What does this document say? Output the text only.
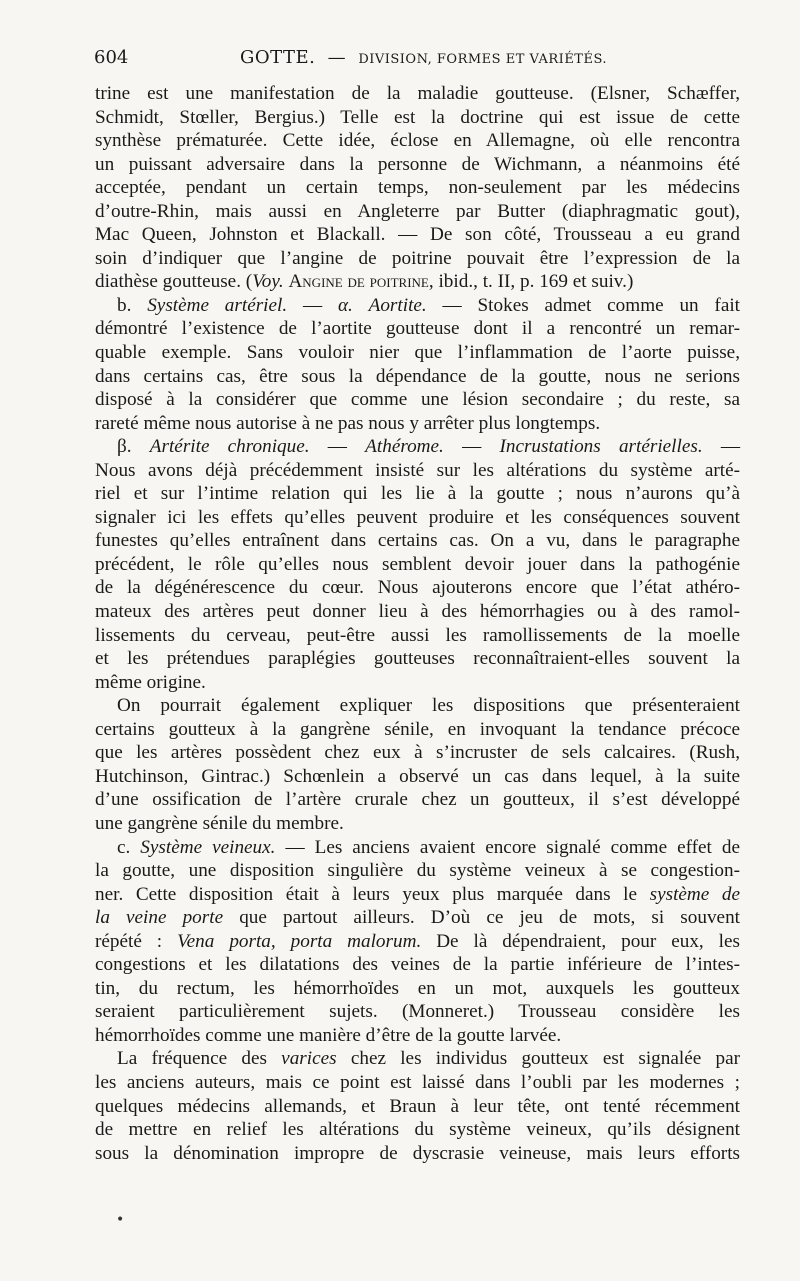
604	GOTTE. — DIVISION, FORMES ET VARIÉTÉS.
trine est une manifestation de la maladie goutteuse. (Elsner, Schæffer,
Schmidt, Stœller, Bergius.) Telle est la doctrine qui est issue de cette
synthèse prématurée. Cette idée, éclose en Allemagne, où elle rencontra
un puissant adversaire dans la personne de Wichmann, a néanmoins été
acceptée, pendant un certain temps, non-seulement par les médecins
d’outre-Rhin, mais aussi en Angleterre par Butter (diaphragmatic gout),
Mac Queen, Johnston et Blackall. — De son côté, Trousseau a eu grand
soin d’indiquer que l’angine de poitrine pouvait être l’expression de la
diathèse goutteuse. (Voy. Angine de poitrine, ibid., t. II, p. 169 et suiv.)
b. Système artériel. — α. Aortite. — Stokes admet comme un fait
démontré l’existence de l’aortite goutteuse dont il a rencontré un remar-
quable exemple. Sans vouloir nier que l’inflammation de l’aorte puisse,
dans certains cas, être sous la dépendance de la goutte, nous ne serions
disposé à la considérer que comme une lésion secondaire ; du reste, sa
rareté même nous autorise à ne pas nous y arrêter plus longtemps.
β. Artérite chronique. — Athérome. — Incrustations artérielles. —
Nous avons déjà précédemment insisté sur les altérations du système arté-
riel et sur l’intime relation qui les lie à la goutte ; nous n’aurons qu’à
signaler ici les effets qu’elles peuvent produire et les conséquences souvent
funestes qu’elles entraînent dans certains cas. On a vu, dans le paragraphe
précédent, le rôle qu’elles nous semblent devoir jouer dans la pathogénie
de la dégénérescence du cœur. Nous ajouterons encore que l’état athéro-
mateux des artères peut donner lieu à des hémorrhagies ou à des ramol-
lissements du cerveau, peut-être aussi les ramollissements de la moelle
et les prétendues paraplégies goutteuses reconnaîtraient-elles souvent la
même origine.
On pourrait également expliquer les dispositions que présenteraient
certains goutteux à la gangrène sénile, en invoquant la tendance précoce
que les artères possèdent chez eux à s’incruster de sels calcaires. (Rush,
Hutchinson, Gintrac.) Schœnlein a observé un cas dans lequel, à la suite
d’une ossification de l’artère crurale chez un goutteux, il s’est développé
une gangrène sénile du membre.
c. Système veineux. — Les anciens avaient encore signalé comme effet de
la goutte, une disposition singulière du système veineux à se congestion-
ner. Cette disposition était à leurs yeux plus marquée dans le système de
la veine porte que partout ailleurs. D’où ce jeu de mots, si souvent
répété : Vena porta, porta malorum. De là dépendraient, pour eux, les
congestions et les dilatations des veines de la partie inférieure de l’intes-
tin, du rectum, les hémorrhoïdes en un mot, auxquels les goutteux
seraient particulièrement sujets. (Monneret.) Trousseau considère les
hémorrhoïdes comme une manière d’être de la goutte larvée.
La fréquence des varices chez les individus goutteux est signalée par
les anciens auteurs, mais ce point est laissé dans l’oubli par les modernes ;
quelques médecins allemands, et Braun à leur tête, ont tenté récemment
de mettre en relief les altérations du système veineux, qu’ils désignent
sous la dénomination impropre de dyscrasie veineuse, mais leurs efforts
•
